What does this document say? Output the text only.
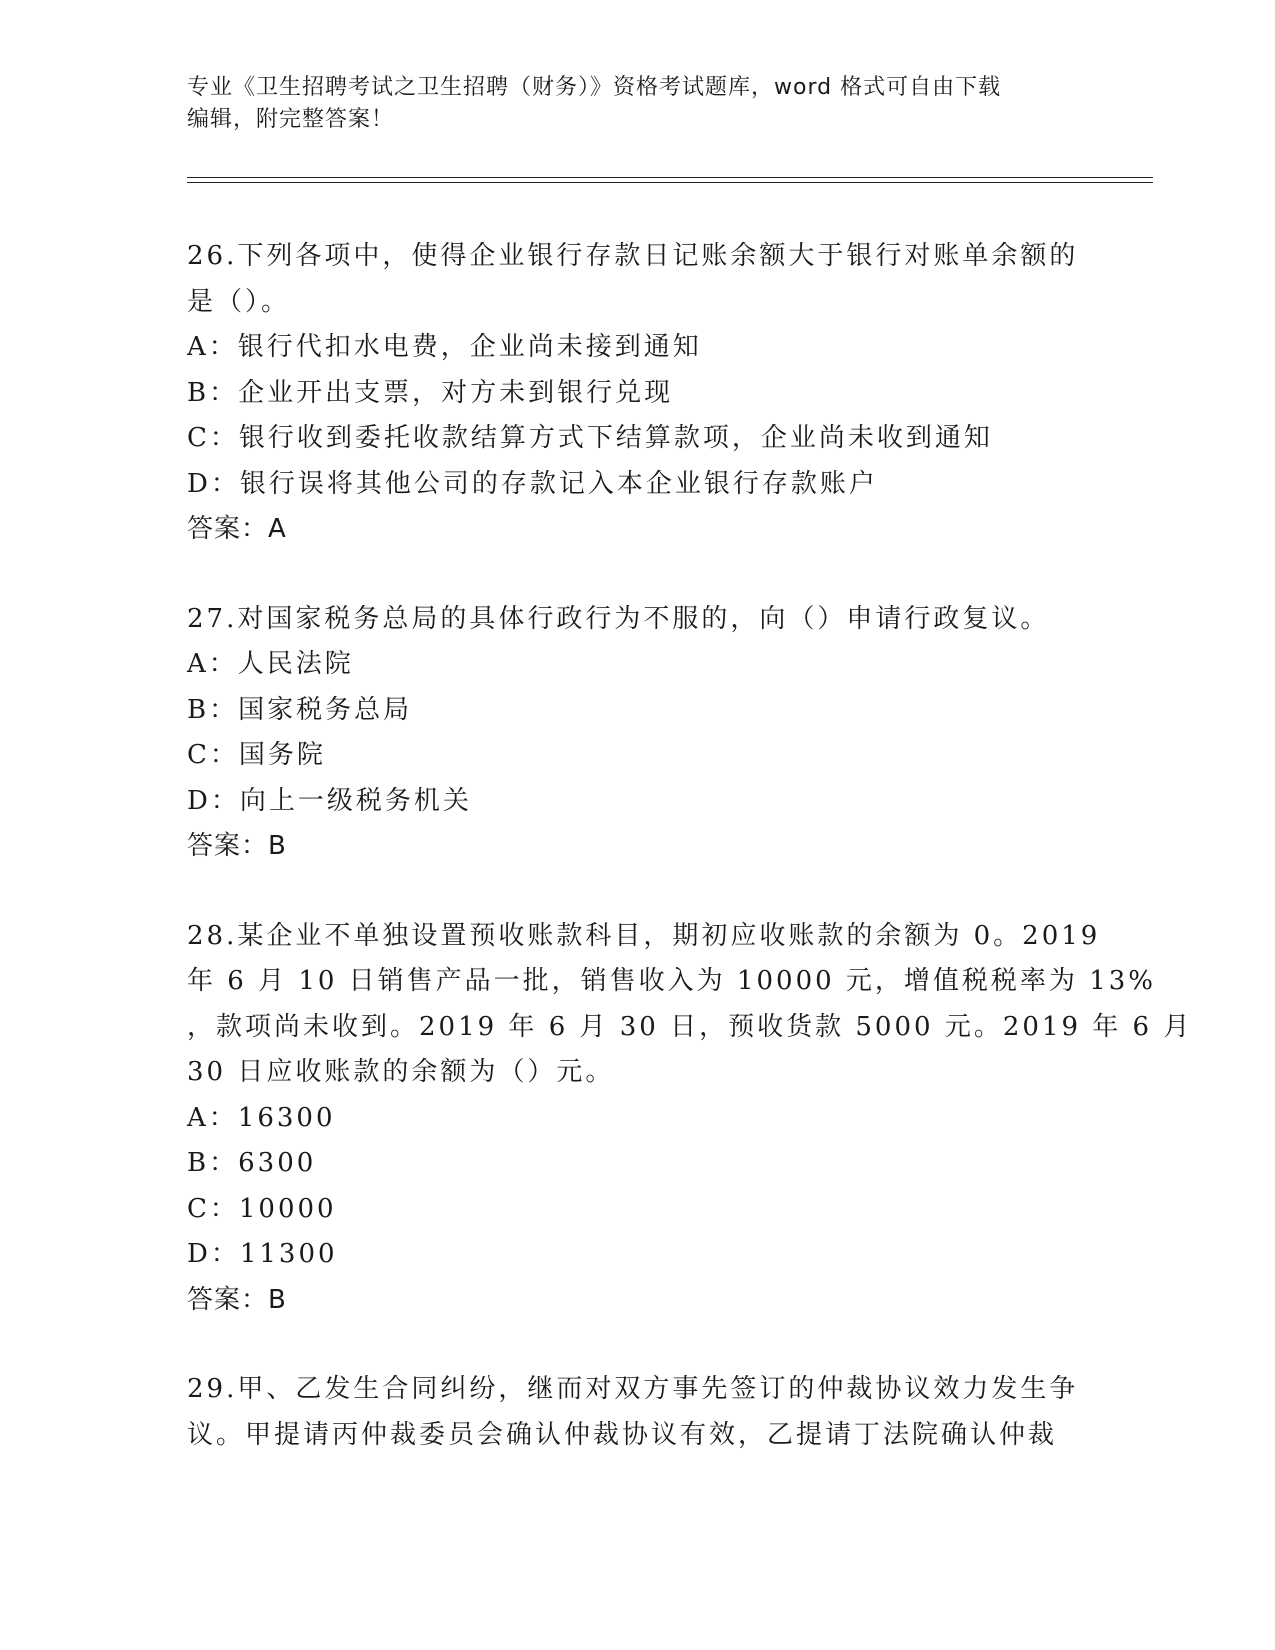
专业《卫生招聘考试之卫生招聘（财务）》资格考试题库，word 格式可自由下载
编辑，附完整答案！
26.下列各项中，使得企业银行存款日记账余额大于银行对账单余额的
是（）。
A：银行代扣水电费，企业尚未接到通知
B：企业开出支票，对方未到银行兑现
C：银行收到委托收款结算方式下结算款项，企业尚未收到通知
D：银行误将其他公司的存款记入本企业银行存款账户
答案：A
27.对国家税务总局的具体行政行为不服的，向（）申请行政复议。
A：人民法院
B：国家税务总局
C：国务院
D：向上一级税务机关
答案：B
28.某企业不单独设置预收账款科目，期初应收账款的余额为 0。2019
年 6 月 10 日销售产品一批，销售收入为 10000 元，增值税税率为 13%
，款项尚未收到。2019 年 6 月 30 日，预收货款 5000 元。2019 年 6 月
30 日应收账款的余额为（）元。
A：16300
B：6300
C：10000
D：11300
答案：B
29.甲、乙发生合同纠纷，继而对双方事先签订的仲裁协议效力发生争
议。甲提请丙仲裁委员会确认仲裁协议有效，乙提请丁法院确认仲裁
